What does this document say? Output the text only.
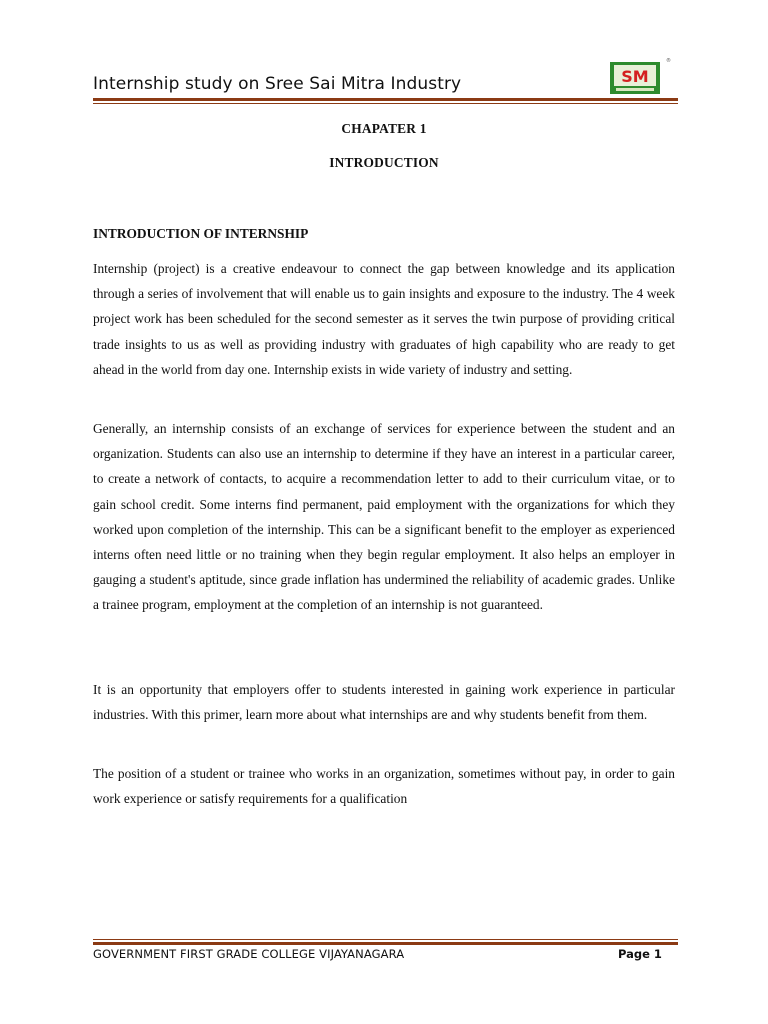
Internship study on Sree Sai Mitra Industry	SM
®
CHAPATER 1
INTRODUCTION
INTRODUCTION OF INTERNSHIP

Internship (project) is a creative endeavour to connect the gap between knowledge and its application through a series of involvement that will enable us to gain insights and exposure to the industry. The 4 week project work has been scheduled for the second semester as it serves the twin purpose of providing critical trade insights to us as well as providing industry with graduates of high capability who are ready to get ahead in the world from day one. Internship exists in wide variety of industry and setting.

Generally, an internship consists of an exchange of services for experience between the student and an organization. Students can also use an internship to determine if they have an interest in a particular career, to create a network of contacts, to acquire a recommendation letter to add to their curriculum vitae, or to gain school credit. Some interns find permanent, paid employment with the organizations for which they worked upon completion of the internship. This can be a significant benefit to the employer as experienced interns often need little or no training when they begin regular employment. It also helps an employer in gauging a student's aptitude, since grade inflation has undermined the reliability of academic grades. Unlike a trainee program, employment at the completion of an internship is not guaranteed.

It is an opportunity that employers offer to students interested in gaining work experience in particular industries. With this primer, learn more about what internships are and why students benefit from them.

The position of a student or trainee who works in an organization, sometimes without pay, in order to gain work experience or satisfy requirements for a qualification

GOVERNMENT FIRST GRADE COLLEGE VIJAYANAGARA	Page 1
